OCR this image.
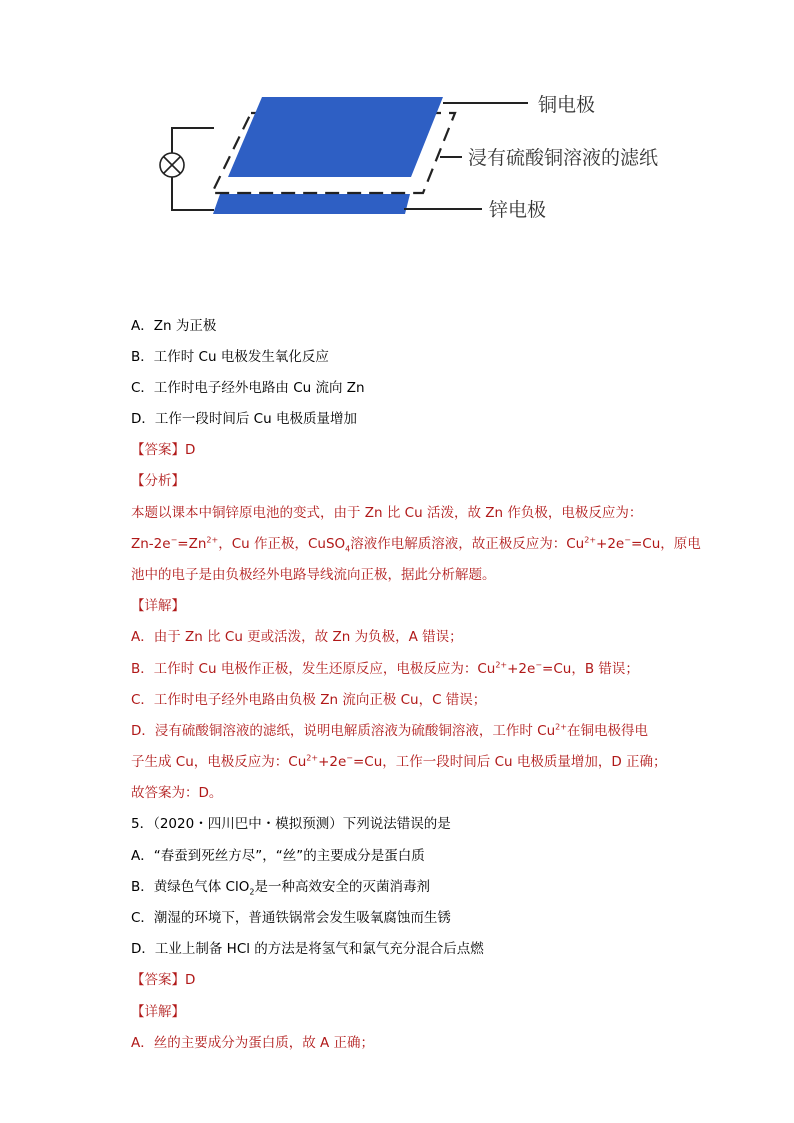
铜电极
浸有硫酸铜溶液的滤纸
锌电极
A．Zn 为正极
B．工作时 Cu 电极发生氧化反应
C．工作时电子经外电路由 Cu 流向 Zn
D．工作一段时间后 Cu 电极质量增加
【答案】D
【分析】
本题以课本中铜锌原电池的变式，由于 Zn 比 Cu 活泼，故 Zn 作负极，电极反应为：
$Zn-2e^-=Zn^{2+}$，Cu 作正极，CuSO$_4$溶液作电解质溶液，故正极反应为：$Cu^{2+}+2e^-=Cu$，原电
池中的电子是由负极经外电路导线流向正极，据此分析解题。
【详解】
A．由于 Zn 比 Cu 更或活泼，故 Zn 为负极，A 错误；
B．工作时 Cu 电极作正极，发生还原反应，电极反应为：$Cu^{2+}+2e^-=Cu$，B 错误；
C．工作时电子经外电路由负极 Zn 流向正极 Cu，C 错误；
D．浸有硫酸铜溶液的滤纸，说明电解质溶液为硫酸铜溶液，工作时 $Cu^{2+}$在铜电极得电
子生成 Cu，电极反应为：$Cu^{2+}+2e^-=Cu$，工作一段时间后 Cu 电极质量增加，D 正确；
故答案为：D。
5．（2020・四川巴中・模拟预测）下列说法错误的是
A．“春蚕到死丝方尽”，“丝”的主要成分是蛋白质
B．黄绿色气体 ClO$_2$是一种高效安全的灭菌消毒剂
C．潮湿的环境下，普通铁锅常会发生吸氧腐蚀而生锈
D．工业上制备 HCl 的方法是将氢气和氯气充分混合后点燃
【答案】D
【详解】
A．丝的主要成分为蛋白质，故 A 正确；
